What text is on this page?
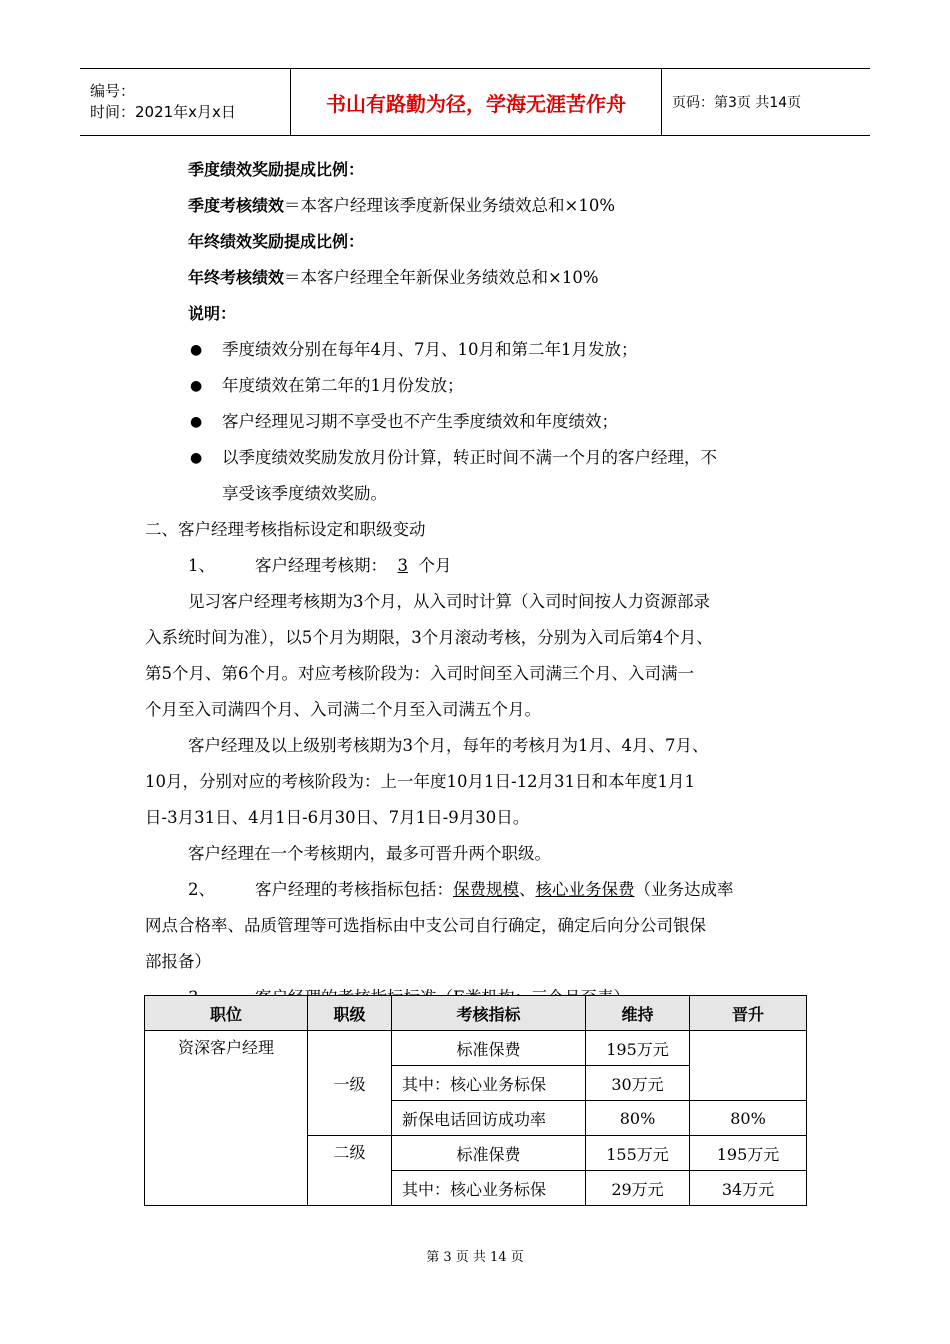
编号：
时间：2021年x月x日	书山有路勤为径，学海无涯苦作舟	页码：第3页 共14页

季度绩效奖励提成比例：

季度考核绩效＝本客户经理该季度新保业务绩效总和×10%

年终绩效奖励提成比例：

年终考核绩效＝本客户经理全年新保业务绩效总和×10%

说明：

● 季度绩效分别在每年4月、7月、10月和第二年1月发放；

● 年度绩效在第二年的1月份发放；

● 客户经理见习期不享受也不产生季度绩效和年度绩效；

● 以季度绩效奖励发放月份计算，转正时间不满一个月的客户经理，不

享受该季度绩效奖励。

二、客户经理考核指标设定和职级变动

1、 客户经理考核期： 3 个月

见习客户经理考核期为3个月，从入司时计算（入司时间按人力资源部录

入系统时间为准），以5个月为期限，3个月滚动考核，分别为入司后第4个月、

第5个月、第6个月。对应考核阶段为：入司时间至入司满三个月、入司满一

个月至入司满四个月、入司满二个月至入司满五个月。

客户经理及以上级别考核期为3个月，每年的考核月为1月、4月、7月、

10月，分别对应的考核阶段为：上一年度10月1日-12月31日和本年度1月1

日-3月31日、4月1日-6月30日、7月1日-9月30日。

客户经理在一个考核期内，最多可晋升两个职级。

2、 客户经理的考核指标包括：保费规模、核心业务保费（业务达成率

网点合格率、品质管理等可选指标由中支公司自行确定，确定后向分公司银保

部报备）

职位	职级	考核指标	维持	晋升
资深客户经理	一级	标准保费	195万元	
		其中：核心业务标保	30万元	
		新保电话回访成功率	80%	80%
	二级	标准保费	155万元	195万元
		其中：核心业务标保	29万元	34万元
第 3 页 共 14 页
